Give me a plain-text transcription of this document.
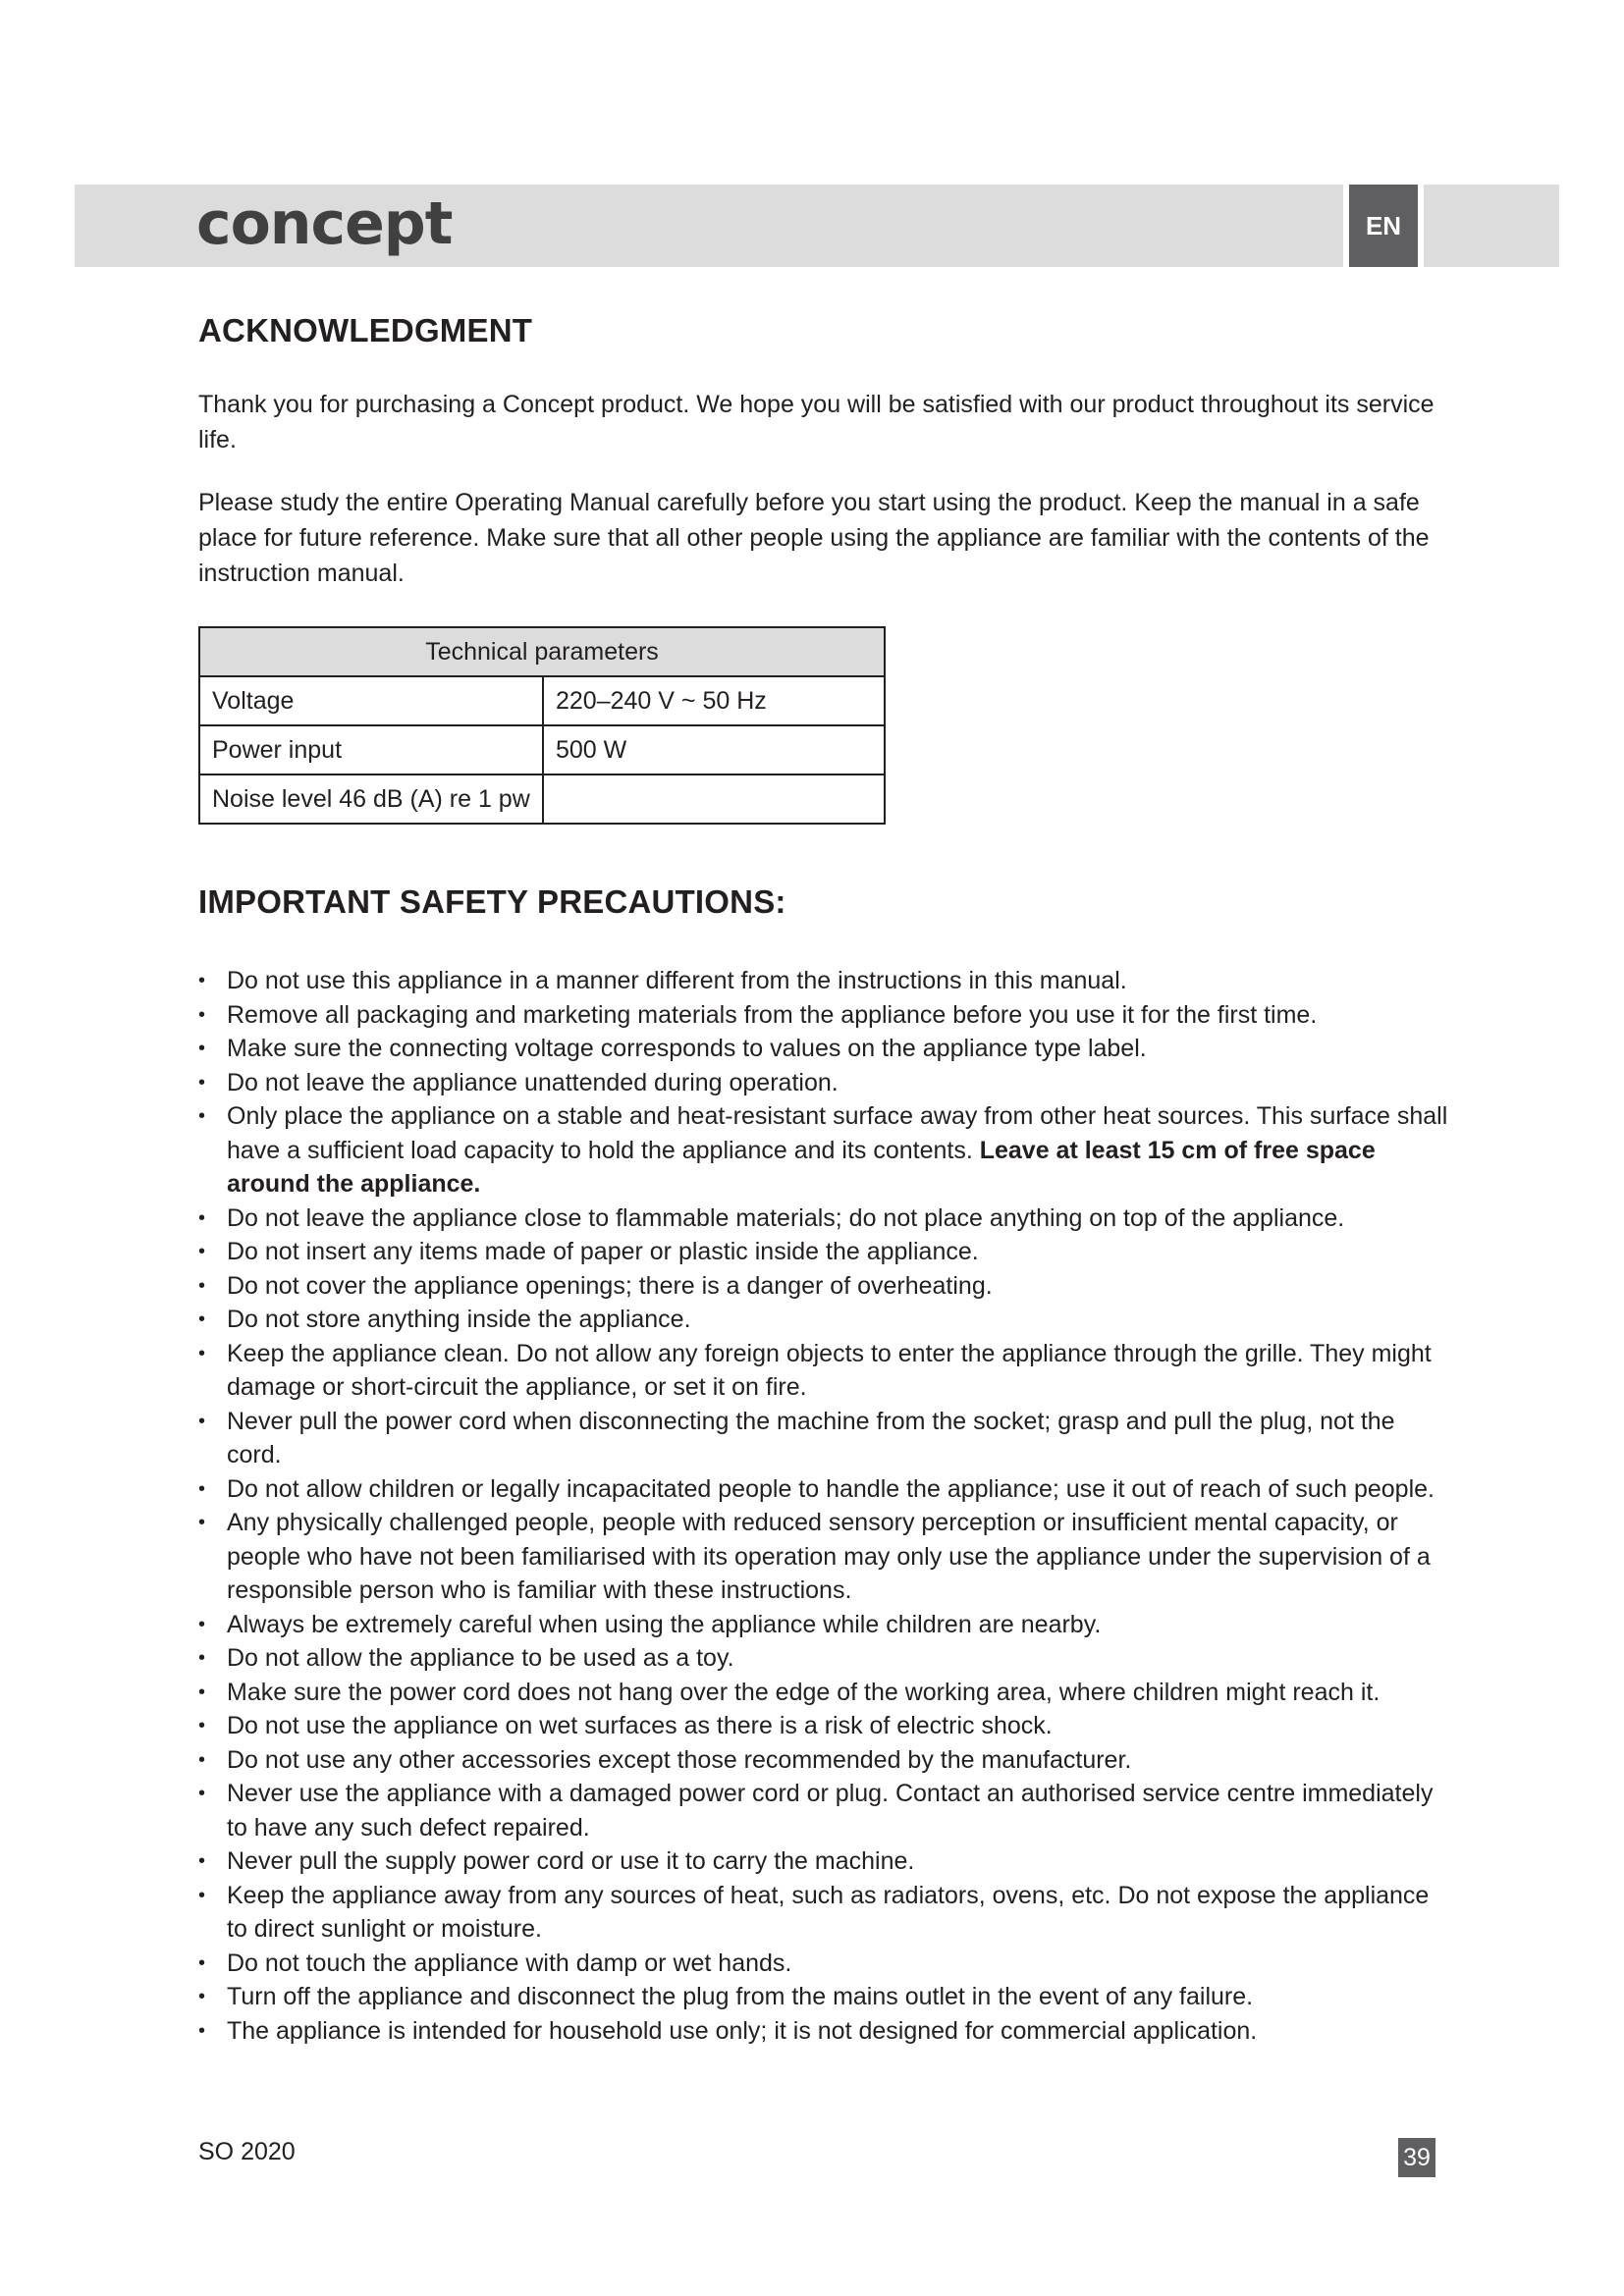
concept	EN
ACKNOWLEDGMENT

Thank you for purchasing a Concept product. We hope you will be satisfied with our product throughout its service life.

Please study the entire Operating Manual carefully before you start using the product. Keep the manual in a safe place for future reference. Make sure that all other people using the appliance are familiar with the contents of the instruction manual.

Technical parameters	
Voltage	220–240 V ~ 50 Hz
Power input	500 W
Noise level 46 dB (A) re 1 pw	
IMPORTANT SAFETY PRECAUTIONS:
• Do not use this appliance in a manner different from the instructions in this manual.
• Remove all packaging and marketing materials from the appliance before you use it for the first time.
• Make sure the connecting voltage corresponds to values on the appliance type label.
• Do not leave the appliance unattended during operation.
• Only place the appliance on a stable and heat-resistant surface away from other heat sources. This surface shall have a sufficient load capacity to hold the appliance and its contents. Leave at least 15 cm of free space around the appliance.
• Do not leave the appliance close to flammable materials; do not place anything on top of the appliance.
• Do not insert any items made of paper or plastic inside the appliance.
• Do not cover the appliance openings; there is a danger of overheating.
• Do not store anything inside the appliance.
• Keep the appliance clean. Do not allow any foreign objects to enter the appliance through the grille. They might damage or short-circuit the appliance, or set it on fire.
• Never pull the power cord when disconnecting the machine from the socket; grasp and pull the plug, not the cord.
• Do not allow children or legally incapacitated people to handle the appliance; use it out of reach of such people.
• Any physically challenged people, people with reduced sensory perception or insufficient mental capacity, or people who have not been familiarised with its operation may only use the appliance under the supervision of a responsible person who is familiar with these instructions.
• Always be extremely careful when using the appliance while children are nearby.
• Do not allow the appliance to be used as a toy.
• Make sure the power cord does not hang over the edge of the working area, where children might reach it.
• Do not use the appliance on wet surfaces as there is a risk of electric shock.
• Do not use any other accessories except those recommended by the manufacturer.
• Never use the appliance with a damaged power cord or plug. Contact an authorised service centre immediately to have any such defect repaired.
• Never pull the supply power cord or use it to carry the machine.
• Keep the appliance away from any sources of heat, such as radiators, ovens, etc. Do not expose the appliance to direct sunlight or moisture.
• Do not touch the appliance with damp or wet hands.
• Turn off the appliance and disconnect the plug from the mains outlet in the event of any failure.
• The appliance is intended for household use only; it is not designed for commercial application.
SO 2020	39
